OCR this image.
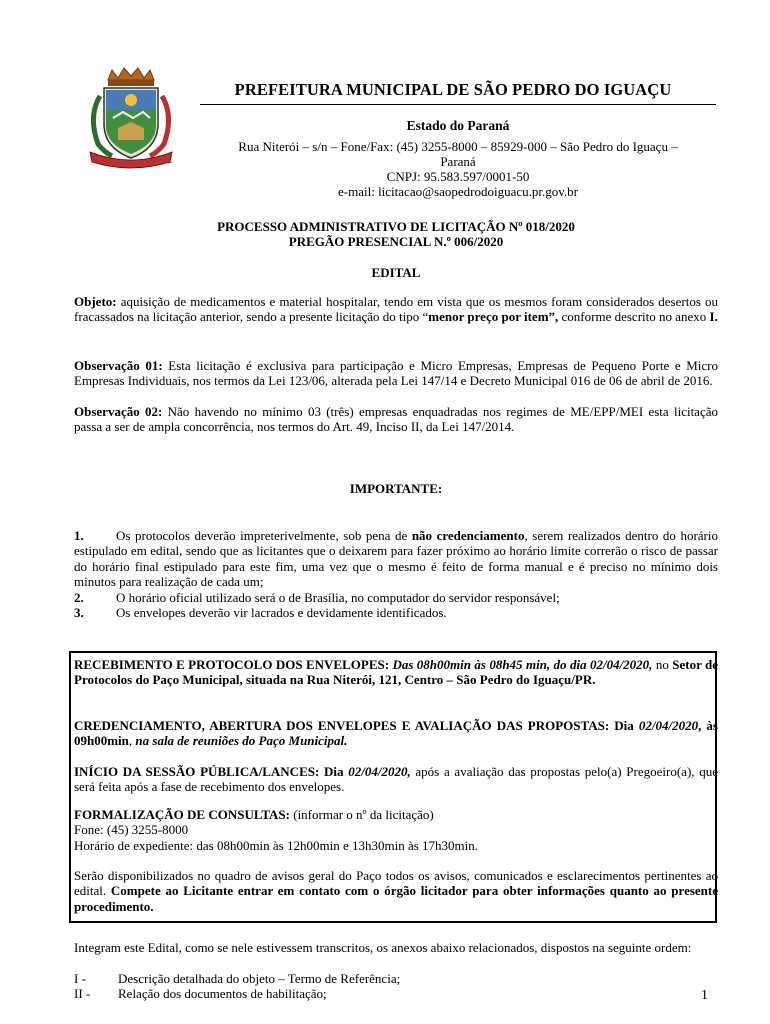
PREFEITURA MUNICIPAL DE SÃO PEDRO DO IGUAÇU
Estado do Paraná
Rua Niterói – s/n – Fone/Fax: (45) 3255-8000 – 85929-000 – São Pedro do Iguaçu –
Paraná
CNPJ: 95.583.597/0001-50
e-mail: licitacao@saopedrodoiguacu.pr.gov.br
PROCESSO ADMINISTRATIVO DE LICITAÇÃO Nº 018/2020
PREGÃO PRESENCIAL N.º 006/2020
EDITAL
Objeto: aquisição de medicamentos e material hospitalar, tendo em vista que os mesmos foram considerados desertos ou fracassados na licitação anterior, sendo a presente licitação do tipo “menor preço por item”, conforme descrito no anexo I.
Observação 01: Esta licitação é exclusiva para participação e Micro Empresas, Empresas de Pequeno Porte e Micro Empresas Individuais, nos termos da Lei 123/06, alterada pela Lei 147/14 e Decreto Municipal 016 de 06 de abril de 2016.
Observação 02: Não havendo no mínimo 03 (três) empresas enquadradas nos regimes de ME/EPP/MEI esta licitação passa a ser de ampla concorrência, nos termos do Art. 49, Inciso II, da Lei 147/2014.
IMPORTANTE:
1. Os protocolos deverão impreterivelmente, sob pena de não credenciamento, serem realizados dentro do horário estipulado em edital, sendo que as licitantes que o deixarem para fazer próximo ao horário limite correrão o risco de passar do horário final estipulado para este fim, uma vez que o mesmo é feito de forma manual e é preciso no mínimo dois minutos para realização de cada um;
2. O horário oficial utilizado será o de Brasília, no computador do servidor responsável;
3. Os envelopes deverão vir lacrados e devidamente identificados.
RECEBIMENTO E PROTOCOLO DOS ENVELOPES: Das 08h00min às 08h45 min, do dia 02/04/2020, no Setor de Protocolos do Paço Municipal, situada na Rua Niterói, 121, Centro – São Pedro do Iguaçu/PR.
CREDENCIAMENTO, ABERTURA DOS ENVELOPES E AVALIAÇÃO DAS PROPOSTAS: Dia 02/04/2020, às 09h00min, na sala de reuniões do Paço Municipal.
INÍCIO DA SESSÃO PÚBLICA/LANCES: Dia 02/04/2020, após a avaliação das propostas pelo(a) Pregoeiro(a), que será feita após a fase de recebimento dos envelopes.
FORMALIZAÇÃO DE CONSULTAS: (informar o nº da licitação)
Fone: (45) 3255-8000
Horário de expediente: das 08h00min às 12h00min e 13h30min às 17h30min.
Serão disponibilizados no quadro de avisos geral do Paço todos os avisos, comunicados e esclarecimentos pertinentes ao edital. Compete ao Licitante entrar em contato com o órgão licitador para obter informações quanto ao presente procedimento.
Integram este Edital, como se nele estivessem transcritos, os anexos abaixo relacionados, dispostos na seguinte ordem:
I - Descrição detalhada do objeto – Termo de Referência;
II - Relação dos documentos de habilitação;	1
